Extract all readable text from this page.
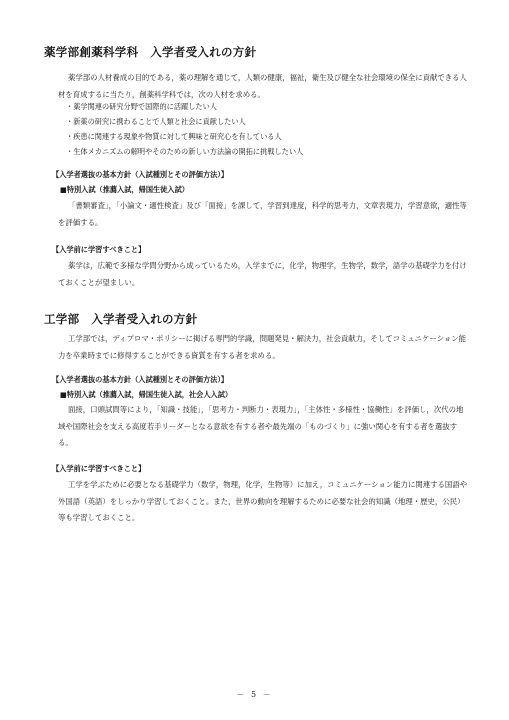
薬学部創薬科学科　入学者受入れの方針

薬学部の人材養成の目的である，薬の理解を通じて，人類の健康，福祉，衛生及び健全な社会環境の保全に貢献できる人材を育成するに当たり，創薬科学科では，次の人材を求める。

・薬学関連の研究分野で国際的に活躍したい人
・新薬の研究に携わることで人類と社会に貢献したい人
・疾患に関連する現象や物質に対して興味と研究心を有している人
・生体メカニズムの解明やそのための新しい方法論の開拓に挑戦したい人
【入学者選抜の基本方針（入試種別とその評価方法）】
■特別入試（推薦入試，帰国生徒入試）

「書類審査」，「小論文・適性検査」及び「面接」を課して，学習到達度，科学的思考力，文章表現力，学習意欲，適性等を評価する。

【入学前に学習すべきこと】

薬学は，広範で多様な学問分野から成っているため，入学までに，化学，物理学，生物学，数学，語学の基礎学力を付けておくことが望ましい。

工学部　入学者受入れの方針

工学部では，ディプロマ・ポリシーに掲げる専門的学識，問題発見・解決力，社会貢献力，そしてコミュニケーション能力を卒業時までに修得することができる資質を有する者を求める。

【入学者選抜の基本方針（入試種別とその評価方法）】
■特別入試（推薦入試，帰国生徒入試，社会人入試）

面接，口頭試問等により，「知識・技能」，「思考力・判断力・表現力」，「主体性・多様性・協働性」を評価し，次代の地域や国際社会を支える高度若手リーダーとなる意欲を有する者や最先端の「ものづくり」に強い関心を有する者を選抜する。

【入学前に学習すべきこと】

工学を学ぶために必要となる基礎学力（数学，物理，化学，生物等）に加え，コミュニケーション能力に関連する国語や外国語（英語）をしっかり学習しておくこと。また，世界の動向を理解するために必要な社会的知識（地理・歴史，公民）等も学習しておくこと。

－ 5 －
